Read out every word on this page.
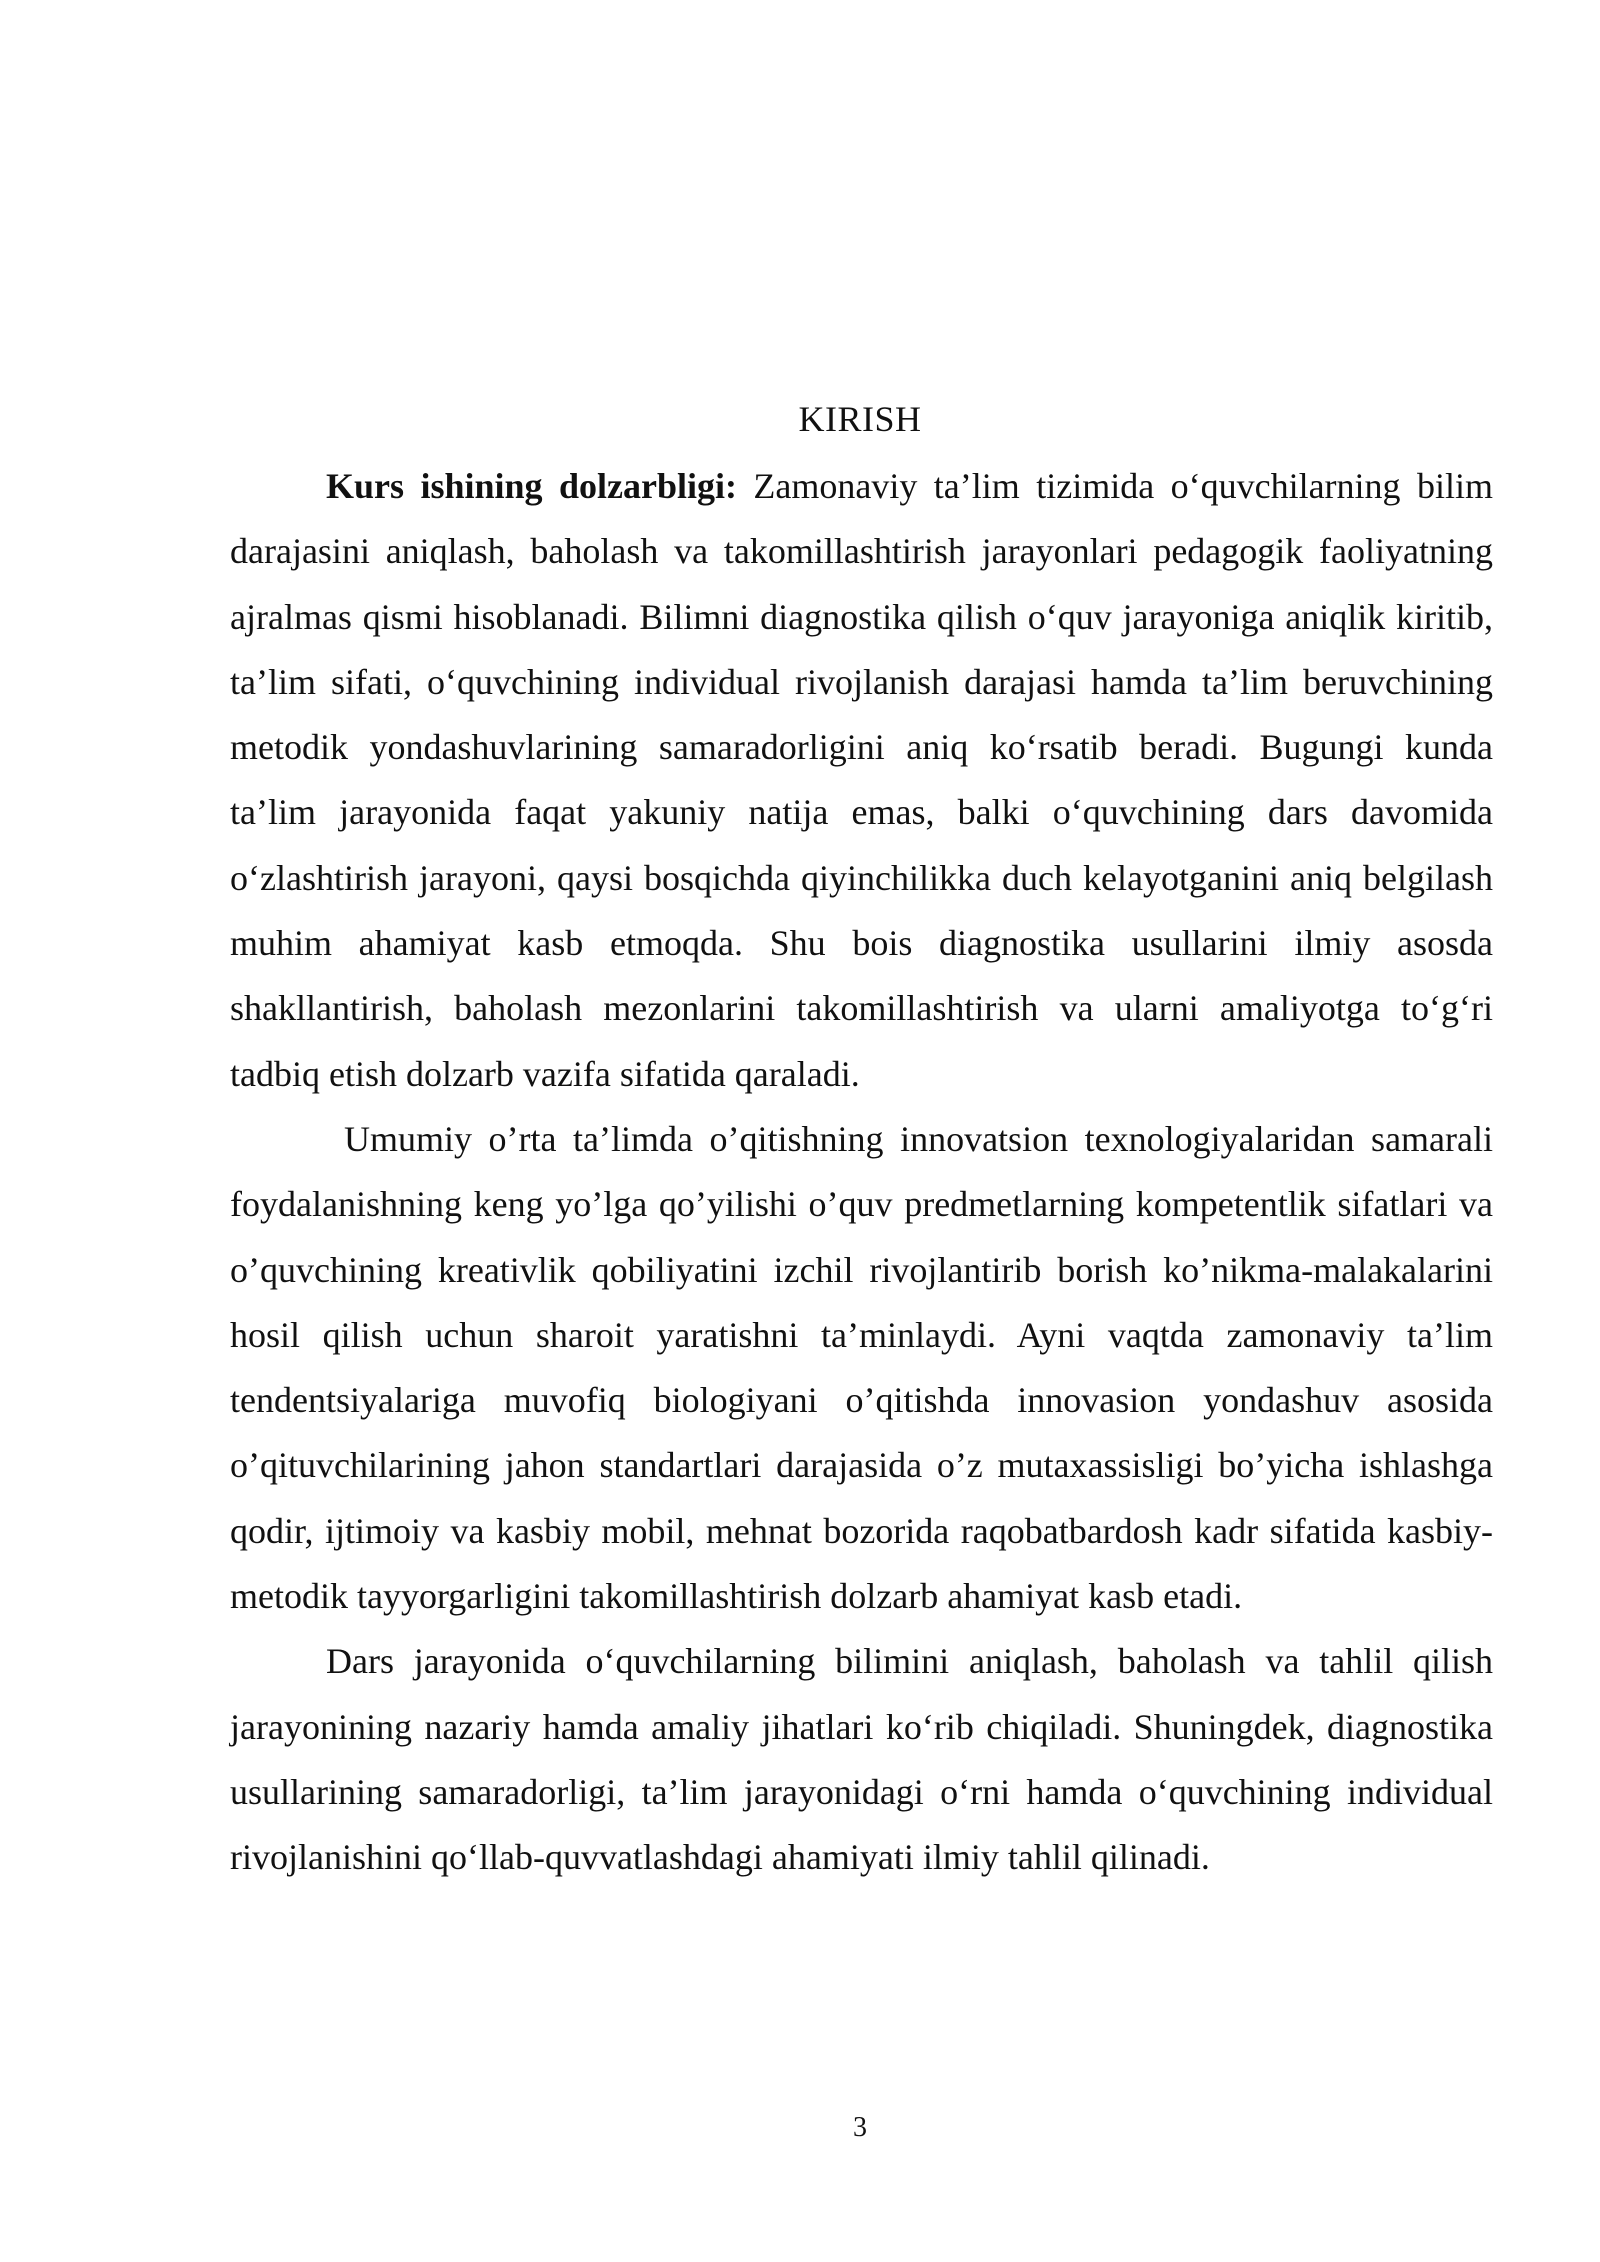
KIRISH

Kurs ishining dolzarbligi: Zamonaviy ta’lim tizimida o‘quvchilarning bilim darajasini aniqlash, baholash va takomillashtirish jarayonlari pedagogik faoliyatning ajralmas qismi hisoblanadi. Bilimni diagnostika qilish o‘quv jarayoniga aniqlik kiritib, ta’lim sifati, o‘quvchining individual rivojlanish darajasi hamda ta’lim beruvchining metodik yondashuvlarining samaradorligini aniq ko‘rsatib beradi. Bugungi kunda ta’lim jarayonida faqat yakuniy natija emas, balki o‘quvchining dars davomida o‘zlashtirish jarayoni, qaysi bosqichda qiyinchilikka duch kelayotganini aniq belgilash muhim ahamiyat kasb etmoqda. Shu bois diagnostika usullarini ilmiy asosda shakllantirish, baholash mezonlarini takomillashtirish va ularni amaliyotga to‘g‘ri tadbiq etish dolzarb vazifa sifatida qaraladi.

Umumiy o’rta ta’limda o’qitishning innovatsion texnologiyalaridan samarali foydalanishning keng yo’lga qo’yilishi o’quv predmetlarning kompetentlik sifatlari va o’quvchining kreativlik qobiliyatini izchil rivojlantirib borish ko’nikma-malakalarini hosil qilish uchun sharoit yaratishni ta’minlaydi. Ayni vaqtda zamonaviy ta’lim tendentsiyalariga muvofiq biologiyani o’qitishda innovasion yondashuv asosida o’qituvchilarining jahon standartlari darajasida o’z mutaxassisligi bo’yicha ishlashga qodir, ijtimoiy va kasbiy mobil, mehnat bozorida raqobatbardosh kadr sifatida kasbiy-metodik tayyorgarligini takomillashtirish dolzarb ahamiyat kasb etadi.

Dars jarayonida o‘quvchilarning bilimini aniqlash, baholash va tahlil qilish jarayonining nazariy hamda amaliy jihatlari ko‘rib chiqiladi. Shuningdek, diagnostika usullarining samaradorligi, ta’lim jarayonidagi o‘rni hamda o‘quvchining individual rivojlanishini qo‘llab-quvvatlashdagi ahamiyati ilmiy tahlil qilinadi.

3
